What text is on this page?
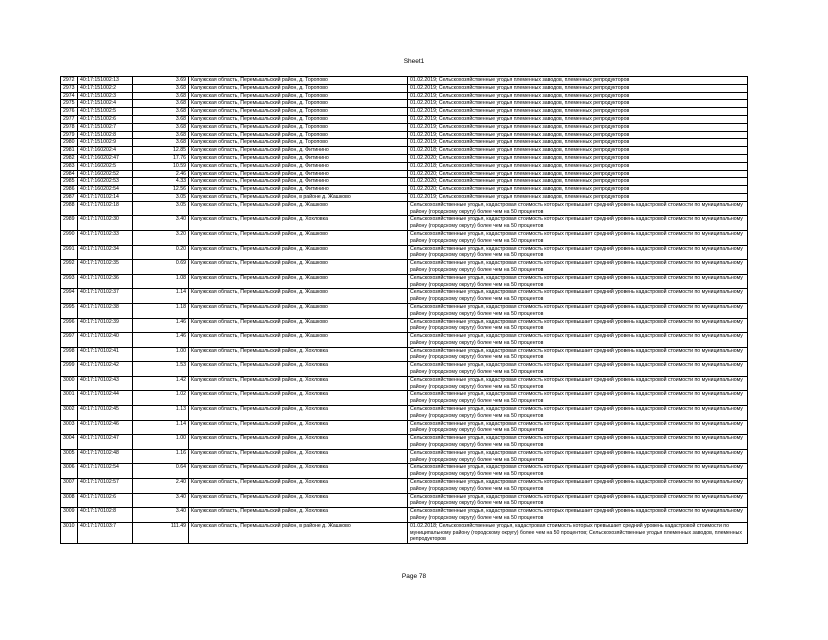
Sheet1
2972	40:17:151002:13	3.69	Калужская область, Перемышльский район, д. Торопово	01.02.2019; Сельскохозяйственные угодья племенных заводов, племенных репродукторов
2973	40:17:151002:2	3.68	Калужская область, Перемышльский район, д. Торопово	01.02.2019; Сельскохозяйственные угодья племенных заводов, племенных репродукторов
2974	40:17:151002:3	3.68	Калужская область, Перемышльский район, д. Торопово	01.02.2019; Сельскохозяйственные угодья племенных заводов, племенных репродукторов
2975	40:17:151002:4	3.68	Калужская область, Перемышльский район, д. Торопово	01.02.2019; Сельскохозяйственные угодья племенных заводов, племенных репродукторов
2976	40:17:151002:5	3.68	Калужская область, Перемышльский район, д. Торопово	01.02.2019; Сельскохозяйственные угодья племенных заводов, племенных репродукторов
2977	40:17:151002:6	3.68	Калужская область, Перемышльский район, д. Торопово	01.02.2019; Сельскохозяйственные угодья племенных заводов, племенных репродукторов
2978	40:17:151002:7	3.68	Калужская область, Перемышльский район, д. Торопово	01.02.2019; Сельскохозяйственные угодья племенных заводов, племенных репродукторов
2979	40:17:151002:8	3.68	Калужская область, Перемышльский район, д. Торопово	01.02.2019; Сельскохозяйственные угодья племенных заводов, племенных репродукторов
2980	40:17:151002:9	3.68	Калужская область, Перемышльский район, д. Торопово	01.02.2019; Сельскохозяйственные угодья племенных заводов, племенных репродукторов
2981	40:17:160202:4	12.85	Калужская область, Перемышльский район, д. Фитинино	01.02.2018; Сельскохозяйственные угодья племенных заводов, племенных репродукторов
2982	40:17:160202:47	17.76	Калужская область, Перемышльский район, д. Фитинино	01.02.2020; Сельскохозяйственные угодья племенных заводов, племенных репродукторов
2983	40:17:160202:5	10.59	Калужская область, Перемышльский район, д. Фитинино	01.02.2018; Сельскохозяйственные угодья племенных заводов, племенных репродукторов
2984	40:17:160202:52	2.46	Калужская область, Перемышльский район, д. Фитинино	01.02.2020; Сельскохозяйственные угодья племенных заводов, племенных репродукторов
2985	40:17:160202:53	4.33	Калужская область, Перемышльский район, д. Фитинино	01.02.2020; Сельскохозяйственные угодья племенных заводов, племенных репродукторов
2986	40:17:160202:54	12.56	Калужская область, Перемышльский район, д. Фитинино	01.02.2020; Сельскохозяйственные угодья племенных заводов, племенных репродукторов
2987	40:17:170102:14	3.05	Калужская область, Перемышльский район, в районе д. Жашково	01.02.2019; Сельскохозяйственные угодья племенных заводов, племенных репродукторов
2988	40:17:170102:18	3.05	Калужская область, Перемышльский район, д. Жашково	Сельскохозяйственные угодья, кадастровая стоимость которых превышает средний уровень кадастровой стоимости по муниципальному району (городскому округу) более чем на 50 процентов
2989	40:17:170102:30	3.40	Калужская область, Перемышльский район, д. Хохловка	Сельскохозяйственные угодья, кадастровая стоимость которых превышает средний уровень кадастровой стоимости по муниципальному району (городскому округу) более чем на 50 процентов
2990	40:17:170102:33	3.20	Калужская область, Перемышльский район, д. Жашково	Сельскохозяйственные угодья, кадастровая стоимость которых превышает средний уровень кадастровой стоимости по муниципальному району (городскому округу) более чем на 50 процентов
2991	40:17:170102:34	0.20	Калужская область, Перемышльский район, д. Жашково	Сельскохозяйственные угодья, кадастровая стоимость которых превышает средний уровень кадастровой стоимости по муниципальному району (городскому округу) более чем на 50 процентов
2992	40:17:170102:35	0.69	Калужская область, Перемышльский район, д. Жашково	Сельскохозяйственные угодья, кадастровая стоимость которых превышает средний уровень кадастровой стоимости по муниципальному району (городскому округу) более чем на 50 процентов
2993	40:17:170102:36	1.08	Калужская область, Перемышльский район, д. Жашково	Сельскохозяйственные угодья, кадастровая стоимость которых превышает средний уровень кадастровой стоимости по муниципальному району (городскому округу) более чем на 50 процентов
2994	40:17:170102:37	1.14	Калужская область, Перемышльский район, д. Жашково	Сельскохозяйственные угодья, кадастровая стоимость которых превышает средний уровень кадастровой стоимости по муниципальному району (городскому округу) более чем на 50 процентов
2995	40:17:170102:38	1.18	Калужская область, Перемышльский район, д. Жашково	Сельскохозяйственные угодья, кадастровая стоимость которых превышает средний уровень кадастровой стоимости по муниципальному району (городскому округу) более чем на 50 процентов
2996	40:17:170102:39	1.46	Калужская область, Перемышльский район, д. Жашково	Сельскохозяйственные угодья, кадастровая стоимость которых превышает средний уровень кадастровой стоимости по муниципальному району (городскому округу) более чем на 50 процентов
2997	40:17:170102:40	1.46	Калужская область, Перемышльский район, д. Жашково	Сельскохозяйственные угодья, кадастровая стоимость которых превышает средний уровень кадастровой стоимости по муниципальному району (городскому округу) более чем на 50 процентов
2998	40:17:170102:41	1.00	Калужская область, Перемышльский район, д. Хохловка	Сельскохозяйственные угодья, кадастровая стоимость которых превышает средний уровень кадастровой стоимости по муниципальному району (городскому округу) более чем на 50 процентов
2999	40:17:170102:42	1.53	Калужская область, Перемышльский район, д. Хохловка	Сельскохозяйственные угодья, кадастровая стоимость которых превышает средний уровень кадастровой стоимости по муниципальному району (городскому округу) более чем на 50 процентов
3000	40:17:170102:43	1.42	Калужская область, Перемышльский район, д. Хохловка	Сельскохозяйственные угодья, кадастровая стоимость которых превышает средний уровень кадастровой стоимости по муниципальному району (городскому округу) более чем на 50 процентов
3001	40:17:170102:44	1.02	Калужская область, Перемышльский район, д. Хохловка	Сельскохозяйственные угодья, кадастровая стоимость которых превышает средний уровень кадастровой стоимости по муниципальному району (городскому округу) более чем на 50 процентов
3002	40:17:170102:45	1.13	Калужская область, Перемышльский район, д. Хохловка	Сельскохозяйственные угодья, кадастровая стоимость которых превышает средний уровень кадастровой стоимости по муниципальному району (городскому округу) более чем на 50 процентов
3003	40:17:170102:46	1.14	Калужская область, Перемышльский район, д. Хохловка	Сельскохозяйственные угодья, кадастровая стоимость которых превышает средний уровень кадастровой стоимости по муниципальному району (городскому округу) более чем на 50 процентов
3004	40:17:170102:47	1.00	Калужская область, Перемышльский район, д. Хохловка	Сельскохозяйственные угодья, кадастровая стоимость которых превышает средний уровень кадастровой стоимости по муниципальному району (городскому округу) более чем на 50 процентов
3005	40:17:170102:48	1.16	Калужская область, Перемышльский район, д. Хохловка	Сельскохозяйственные угодья, кадастровая стоимость которых превышает средний уровень кадастровой стоимости по муниципальному району (городскому округу) более чем на 50 процентов
3006	40:17:170102:54	0.64	Калужская область, Перемышльский район, д. Хохловка	Сельскохозяйственные угодья, кадастровая стоимость которых превышает средний уровень кадастровой стоимости по муниципальному району (городскому округу) более чем на 50 процентов
3007	40:17:170102:57	2.40	Калужская область, Перемышльский район, д. Хохловка	Сельскохозяйственные угодья, кадастровая стоимость которых превышает средний уровень кадастровой стоимости по муниципальному району (городскому округу) более чем на 50 процентов
3008	40:17:170102:6	3.40	Калужская область, Перемышльский район, д. Хохловка	Сельскохозяйственные угодья, кадастровая стоимость которых превышает средний уровень кадастровой стоимости по муниципальному району (городскому округу) более чем на 50 процентов
3009	40:17:170102:8	3.40	Калужская область, Перемышльский район, д. Хохловка	Сельскохозяйственные угодья, кадастровая стоимость которых превышает средний уровень кадастровой стоимости по муниципальному району (городскому округу) более чем на 50 процентов
3010	40:17:170103:7	111.49	Калужская область, Перемышльский район, в районе д. Жашково	01.02.2018; Сельскохозяйственные угодья, кадастровая стоимость которых превышает средний уровень кадастровой стоимости по муниципальному району (городскому округу) более чем на 50 процентов; Сельскохозяйственные угодья племенных заводов, племенных репродукторов
Page 78
